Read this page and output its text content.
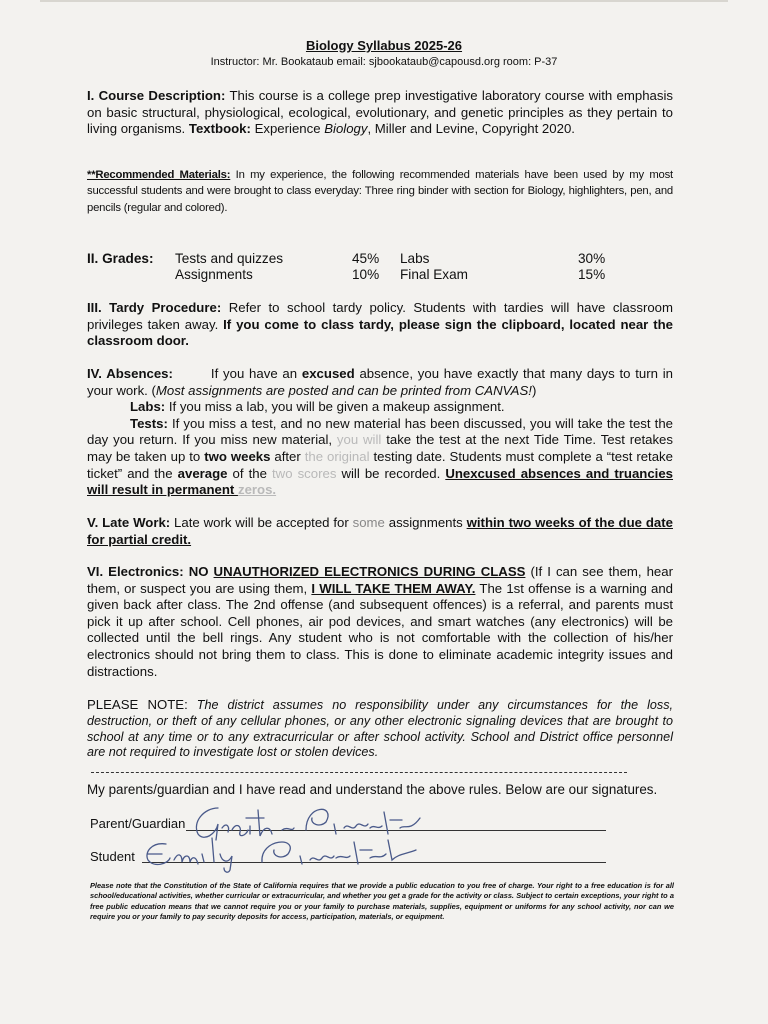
Biology Syllabus 2025-26
Instructor: Mr. Bookataub email: sjbookataub@capousd.org room: P-37

I. Course Description: This course is a college prep investigative laboratory course with emphasis on basic structural, physiological, ecological, evolutionary, and genetic principles as they pertain to living organisms. Textbook: Experience Biology, Miller and Levine, Copyright 2020.

**Recommended Materials: In my experience, the following recommended materials have been used by my most successful students and were brought to class everyday: Three ring binder with section for Biology, highlighters, pen, and pencils (regular and colored).

II. Grades: Tests and quizzes	45% Labs	30%
Assignments	10% Final Exam	15%

III. Tardy Procedure: Refer to school tardy policy. Students with tardies will have classroom privileges taken away. If you come to class tardy, please sign the clipboard, located near the classroom door.

IV. Absences:	If you have an excused absence, you have exactly that many days to turn in your work. (Most assignments are posted and can be printed from CANVAS!)

Labs: If you miss a lab, you will be given a makeup assignment.

Tests: If you miss a test, and no new material has been discussed, you will take the test the day you return. If you miss new material, you will take the test at the next Tide Time. Test retakes may be taken up to two weeks after the original testing date. Students must complete a “test retake ticket” and the average of the two scores will be recorded. Unexcused absences and truancies will result in permanent zeros.

V. Late Work: Late work will be accepted for some assignments within two weeks of the due date for partial credit.

VI. Electronics: NO UNAUTHORIZED ELECTRONICS DURING CLASS (If I can see them, hear them, or suspect you are using them, I WILL TAKE THEM AWAY. The 1st offense is a warning and given back after class. The 2nd offense (and subsequent offences) is a referral, and parents must pick it up after school. Cell phones, air pod devices, and smart watches (any electronics) will be collected until the bell rings. Any student who is not comfortable with the collection of his/her electronics should not bring them to class. This is done to eliminate academic integrity issues and distractions.

PLEASE NOTE: The district assumes no responsibility under any circumstances for the loss, destruction, or theft of any cellular phones, or any other electronic signaling devices that are brought to school at any time or to any extracurricular or after school activity. School and District office personnel are not required to investigate lost or stolen devices.

My parents/guardian and I have read and understand the above rules. Below are our signatures.
Parent/Guardian
Student
Please note that the Constitution of the State of California requires that we provide a public education to you free of charge. Your right to a free education is for all school/educational activities, whether curricular or extracurricular, and whether you get a grade for the activity or class. Subject to certain exceptions, your right to a free public education means that we cannot require you or your family to purchase materials, supplies, equipment or uniforms for any school activity, nor can we require you or your family to pay security deposits for access, participation, materials, or equipment.
